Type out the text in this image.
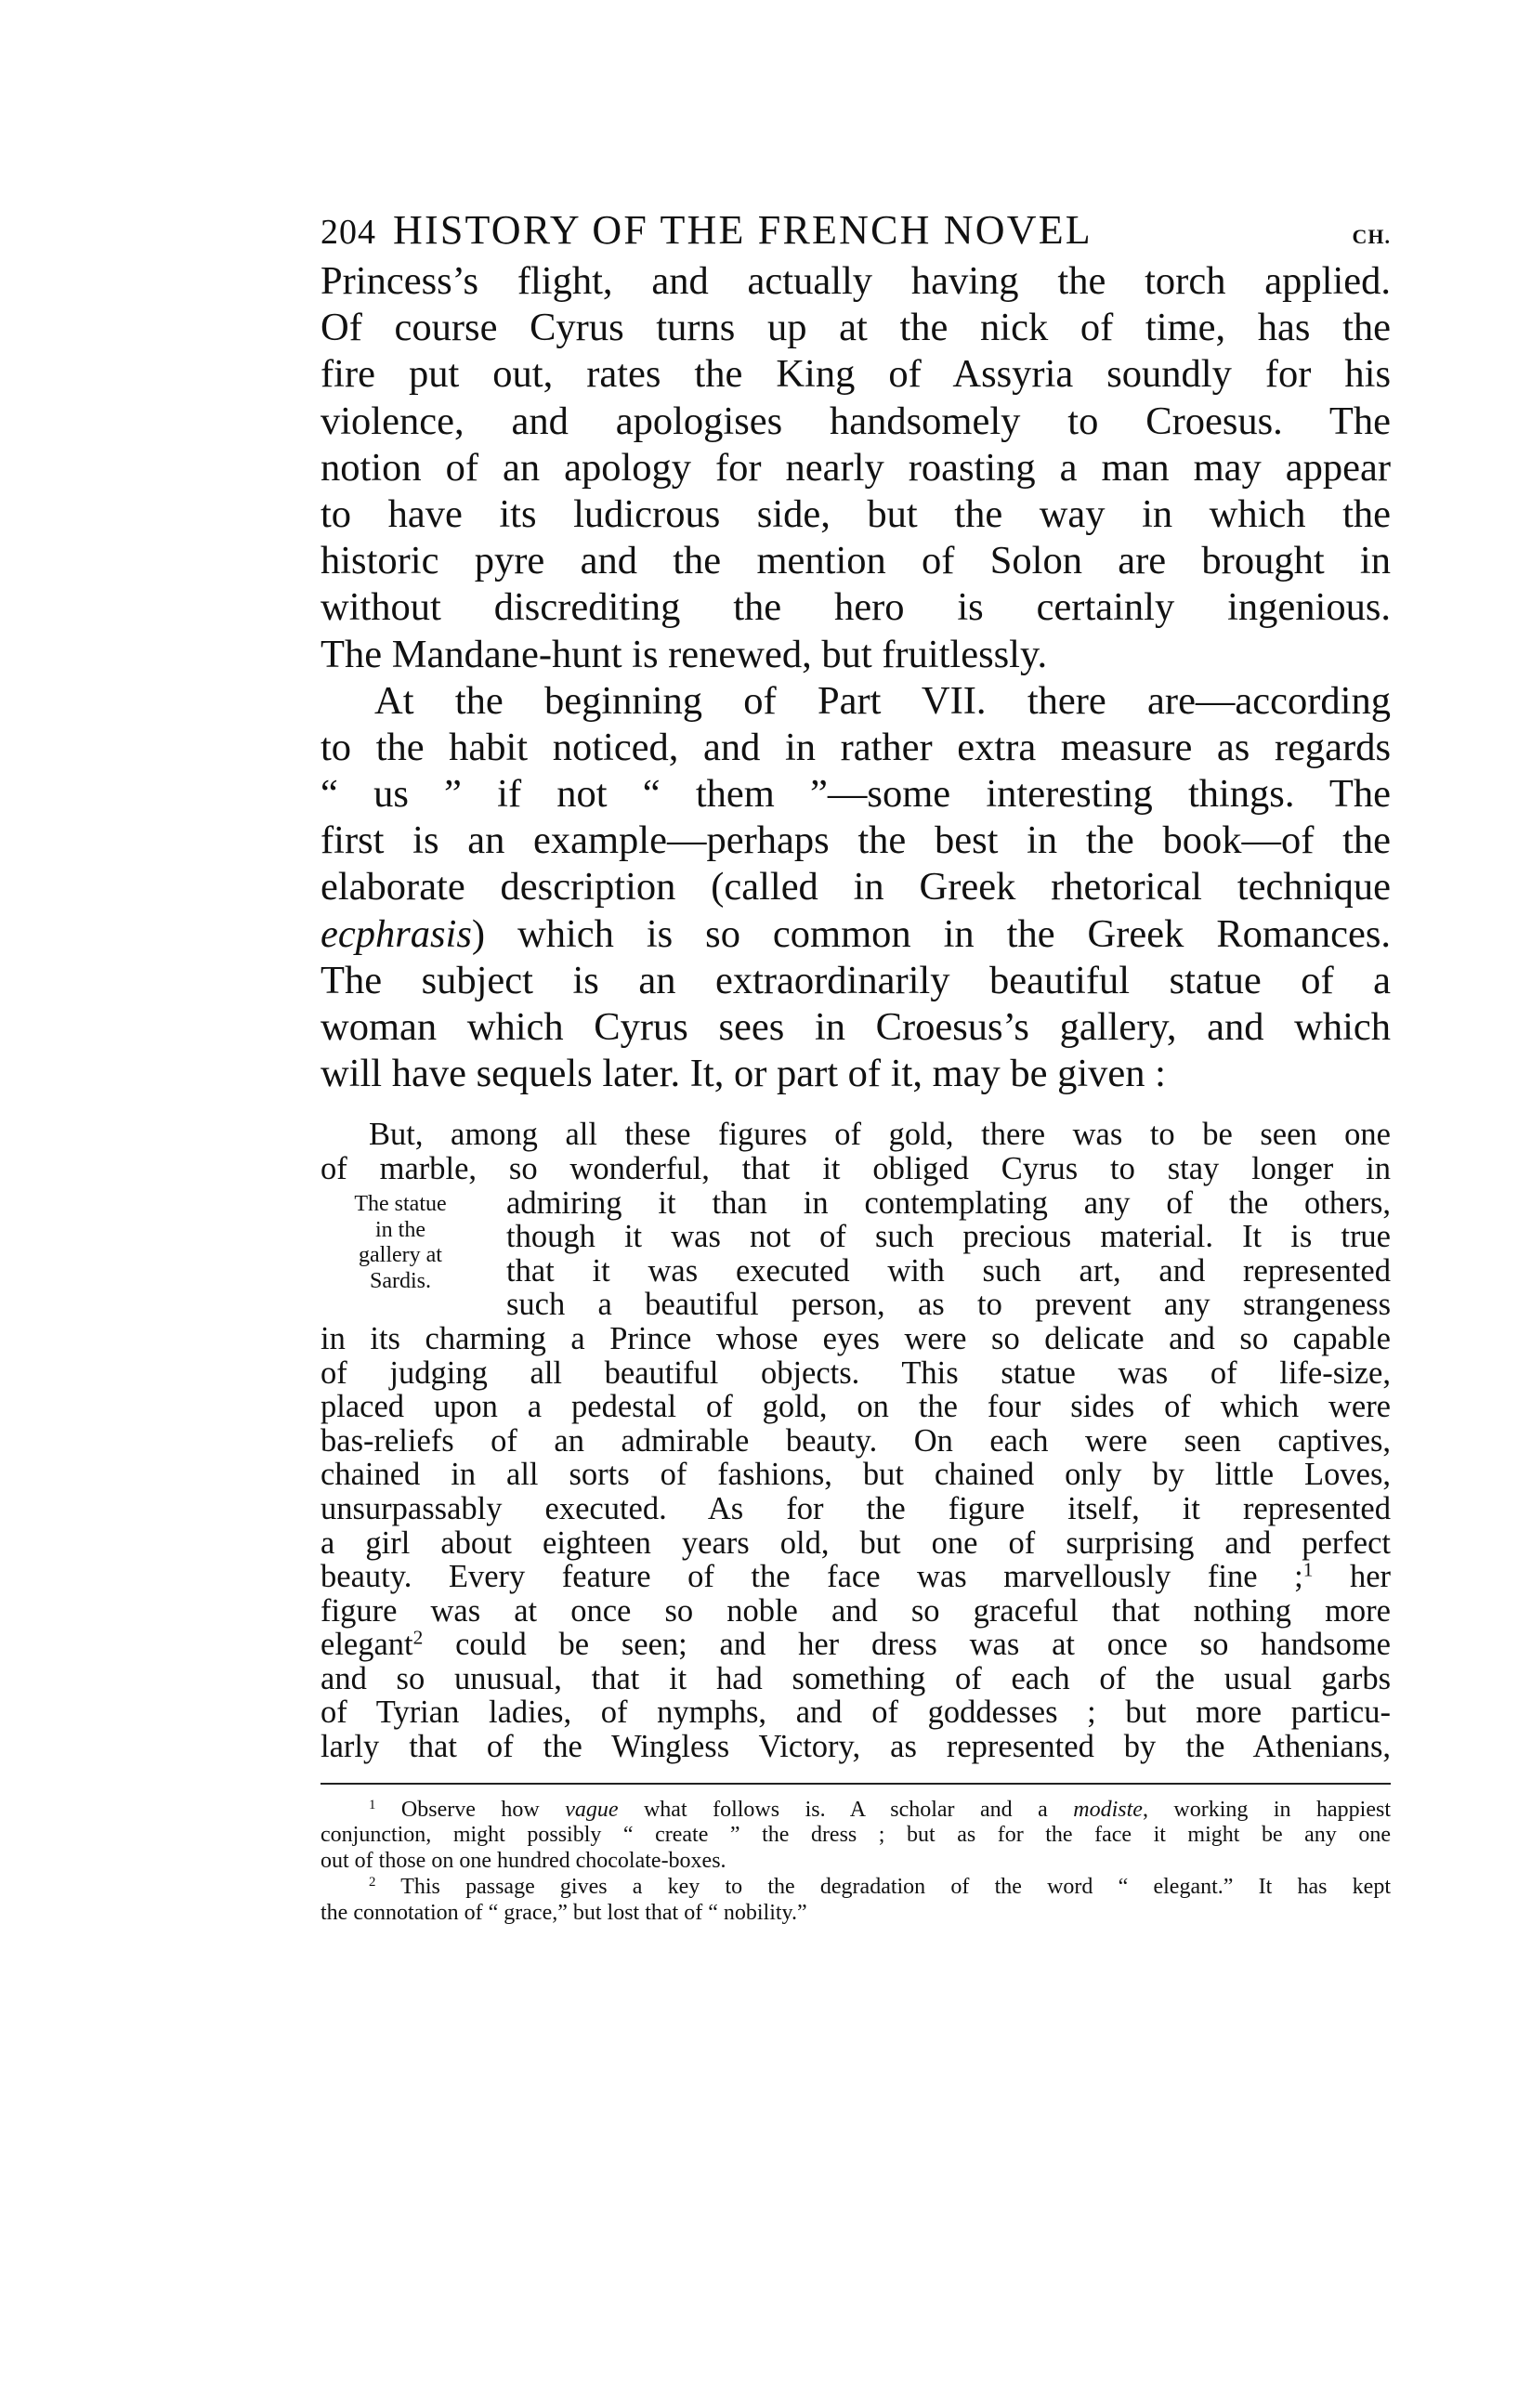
204 HISTORY OF THE FRENCH NOVEL	CH.
Princess’s flight, and actually having the torch applied.
Of course Cyrus turns up at the nick of time, has the
fire put out, rates the King of Assyria soundly for his
violence, and apologises handsomely to Croesus. The
notion of an apology for nearly roasting a man may appear
to have its ludicrous side, but the way in which the
historic pyre and the mention of Solon are brought in
without discrediting the hero is certainly ingenious.
The Mandane-hunt is renewed, but fruitlessly.
At the beginning of Part VII. there are—according
to the habit noticed, and in rather extra measure as regards
“ us ” if not “ them ”—some interesting things. The
first is an example—perhaps the best in the book—of the
elaborate description (called in Greek rhetorical technique
ecphrasis) which is so common in the Greek Romances.
The subject is an extraordinarily beautiful statue of a
woman which Cyrus sees in Croesus’s gallery, and which
will have sequels later. It, or part of it, may be given :
The statue
in the
gallery at
Sardis.
But, among all these figures of gold, there was to be seen one
of marble, so wonderful, that it obliged Cyrus to stay longer in
admiring it than in contemplating any of the others,
though it was not of such precious material. It is true
that it was executed with such art, and represented
such a beautiful person, as to prevent any strangeness
in its charming a Prince whose eyes were so delicate and so capable
of judging all beautiful objects. This statue was of life-size,
placed upon a pedestal of gold, on the four sides of which were
bas-reliefs of an admirable beauty. On each were seen captives,
chained in all sorts of fashions, but chained only by little Loves,
unsurpassably executed. As for the figure itself, it represented
a girl about eighteen years old, but one of surprising and perfect
beauty. Every feature of the face was marvellously fine ;$^1$ her
figure was at once so noble and so graceful that nothing more
elegant$^2$ could be seen; and her dress was at once so handsome
and so unusual, that it had something of each of the usual garbs
of Tyrian ladies, of nymphs, and of goddesses ; but more particu-
larly that of the Wingless Victory, as represented by the Athenians,
$^1$ Observe how vague what follows is. A scholar and a modiste, working in happiest
conjunction, might possibly “ create ” the dress ; but as for the face it might be any one
out of those on one hundred chocolate-boxes.
$^2$ This passage gives a key to the degradation of the word “ elegant.” It has kept
the connotation of “ grace,” but lost that of “ nobility.”
